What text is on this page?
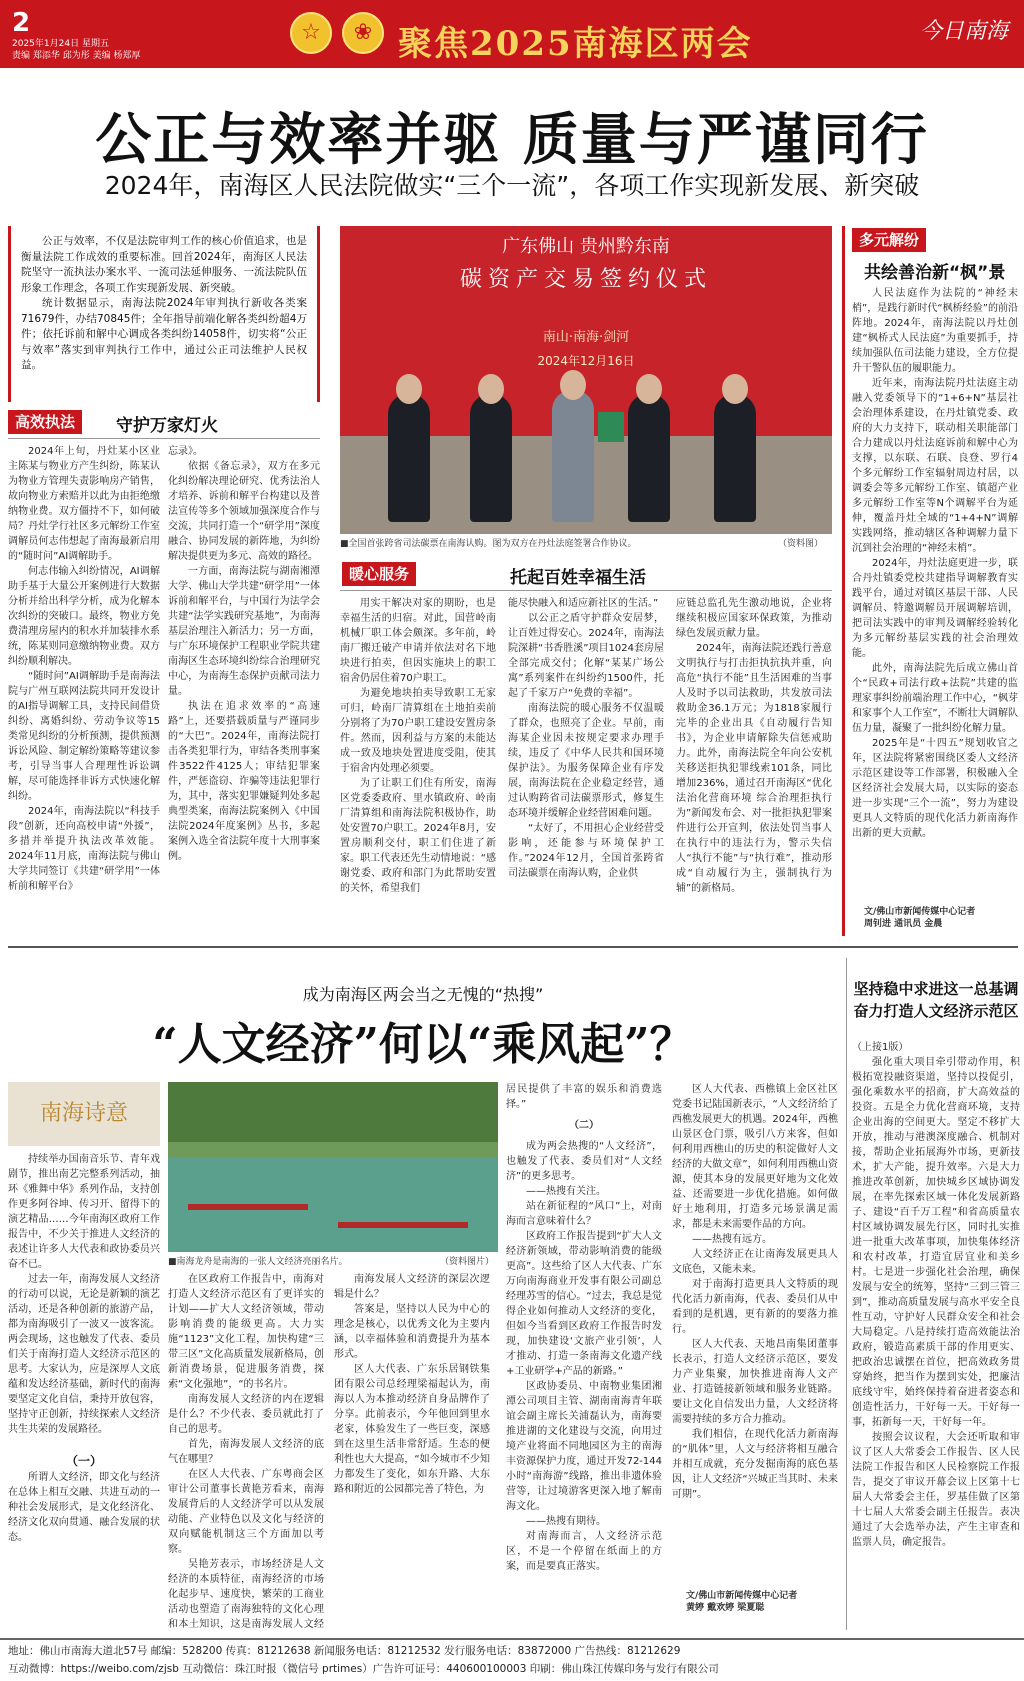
2
2025年1月24日 星期五
责编 郑添华 邱为彤 美编 杨郑厚
☆	❀ 聚焦2025南海区两会	今日南海
公正与效率并驱 质量与严谨同行
2024年，南海区人民法院做实“三个一流”，各项工作实现新发展、新突破

公正与效率，不仅是法院审判工作的核心价值追求，也是衡量法院工作成效的重要标准。回首2024年，南海区人民法院坚守一流执法办案水平、一流司法延伸服务、一流法院队伍形象工作理念，各项工作实现新发展、新突破。

统计数据显示，南海法院2024年审判执行新收各类案71679件，办结70845件；全年指导前端化解各类纠纷超4万件；依托诉前和解中心调成各类纠纷14058件，切实将“公正与效率”落实到审判执行工作中，通过公正司法维护人民权益。

高效执法	守护万家灯火

2024年上旬，丹灶某小区业主陈某与物业方产生纠纷，陈某认为物业方管理失责影响房产销售，故向物业方索赔并以此为由拒绝缴纳物业费。双方僵持不下，如何破局？丹灶学行社区多元解纷工作室调解员何志伟想起了南海最新启用的“随时问”AI调解助手。

何志伟输入纠纷情况，AI调解助手基于大量公开案例进行大数据分析并给出科学分析，成为化解本次纠纷的突破口。最终，物业方免费清理房屋内的积水并加装排水系统，陈某则同意缴纳物业费。双方纠纷顺利解决。

“随时问”AI调解助手是南海法院与广州互联网法院共同开发设计的AI指导调解工具，支持民间借贷纠纷、离婚纠纷、劳动争议等15类常见纠纷的分析预测，提供预测诉讼风险、制定解纷策略等建议参考，引导当事人合理理性诉讼调解，尽可能选择非诉方式快速化解纠纷。

2024年，南海法院以“科技手段”创新，还向高校申请“外援”，多措并举提升执法改革效能。2024年11月底，南海法院与佛山大学共同签订《共建“研学用”一体析前和解平台》

忘录》。

依据《备忘录》，双方在多元化纠纷解决理论研究、优秀法治人才培养、诉前和解平台构建以及普法宣传等多个领域加强深度合作与交流，共同打造一个“研学用”深度融合、协同发展的新阵地，为纠纷解决提供更为多元、高效的路径。

一方面，南海法院与湖南湘潭大学、佛山大学共建“研学用”一体诉前和解平台，与中国行为法学会共建“法学实践研究基地”，为南海基层治理注入新活力；另一方面，与广东环境保护工程职业学院共建南海区生态环境纠纷综合治理研究中心，为南海生态保护贡献司法力量。

执法在追求效率的“高速路”上，还要搭载质量与严谨同步的“大巴”。2024年，南海法院打击各类犯罪行为，审结各类刑事案件3522件4125人；审结犯罪案件，严惩盗窃、诈骗等违法犯罪行为，其中，落实犯罪嫌疑判处多起典型类案，南海法院案例入《中国法院2024年度案例》丛书，多起案例入选全省法院年度十大刑事案例。

广东佛山 贵州黔东南
碳资产交易签约仪式
南山·南海·剑河
2024年12月16日
■全国首张跨省司法碳票在南海认购。图为双方在丹灶法庭签署合作协议。	（资料图）
暖心服务	托起百姓幸福生活

用实干解决对家的期盼，也是幸福生活的归宿。对此，国营岭南机械厂职工体会颇深。多年前，岭南厂搬迁破产申请并依法对名下地块进行拍卖，但因实施块上的职工宿舍仍居住着70户职工。

为避免地块拍卖导致职工无家可归，岭南厂清算组在土地拍卖前分别将了为70户职工建设安置房条件。然而，因利益与方案的未能达成一致及地块处置进度受阻，使其于宿舍内处理必须要。

为了让职工们住有所安，南海区党委委政府、里水镇政府、岭南厂清算组和南海法院积极协作，助处安置70户职工。2024年8月，安置房顺利交付，职工们住进了新家。职工代表还先生动情地说：“感谢党委、政府和部门为此帮助安置的关怀，希望我们

能尽快融入和适应新社区的生活。”

以公正之盾守护群众安居梦，让百姓过得安心。2024年，南海法院深耕“书香胜溪”项目1024套房屋全部完成交付；化解“某某广场公寓”系列案件在纠纷约1500件，托起了千家万户“免费的幸福”。

南海法院的暖心服务不仅温暖了群众，也照亮了企业。早前，南海某企业因未按规定要求办理手续，违反了《中华人民共和国环境保护法》。为服务保障企业有序发展，南海法院在企业稳定经营，通过认购跨省司法碳票形式，修复生态环境并缓解企业经营困难问题。

“太好了，不用担心企业经营受影响，还能参与环境保护工作。”2024年12月，全国首张跨省司法碳票在南海认购，企业供

应链总监孔先生激动地说，企业将继续积极应国家环保政策，为推动绿色发展贡献力量。

2024年，南海法院还践行善意文明执行与打击拒执抗执并重，向高危“执行不能”且生活困难的当事人及时予以司法救助，共发放司法救助金36.1万元；为1818家履行完毕的企业出具《自动履行告知书》，为企业申请解除失信惩戒助力。此外，南海法院全年向公安机关移送拒执犯罪线索101条，同比增加236%，通过召开南海区“优化法治化营商环境 综合治理拒执行为”新闻发布会、对一批拒执犯罪案件进行公开宣判，依法处罚当事人在执行中的违法行为，警示失信人“执行不能”与“执行难”，推动形成“自动履行为主，强制执行为辅”的新格局。

多元解纷
共绘善治新“枫”景

人民法庭作为法院的“神经末梢”，是践行新时代“枫桥经验”的前沿阵地。2024年，南海法院以丹灶创建“枫桥式人民法庭”为重要抓手，持续加强队伍司法能力建设，全方位提升干警队伍的履职能力。

近年来，南海法院丹灶法庭主动融入党委领导下的“1+6+N”基层社会治理体系建设，在丹灶镇党委、政府的大力支持下，联动相关职能部门合力建成以丹灶法庭诉前和解中心为支撑，以东联、石联、良登、罗行4个多元解纷工作室辐射周边村居，以调委会等多元解纷工作室、镇超产业多元解纷工作室等N个调解平台为延伸，覆盖丹灶全域的“1+4+N”调解实践网络，推动辖区各种调解力量下沉到社会治理的“神经末梢”。

2024年，丹灶法庭更进一步，联合丹灶镇委党校共建指导调解教育实践平台，通过对镇区基层干部、人民调解员、特邀调解员开展调解培训，把司法实践中的审判及调解经验转化为多元解纷基层实践的社会治理效能。

此外，南海法院先后成立佛山首个“民政+司法行政+法院”共建的监理家事纠纷前端治理工作中心，“枫芽和家事个人工作室”，不断壮大调解队伍力量，凝聚了一批纠纷化解力量。

2025年是“十四五”规划收官之年，区法院将紧密围绕区委人文经济示范区建设等工作部署，积极融入全区经济社会发展大局，以实际的姿态进一步实现“三个一流”，努力为建设更具人文特质的现代化活力新南海作出新的更大贡献。

文/佛山市新闻传媒中心记者
周钊进 通讯员 金晨
成为南海区两会当之无愧的“热搜”
“人文经济”何以“乘风起”？
南海诗意

持续举办国南音乐节、青年戏剧节，推出南艺完整系列活动，抽环《雅舞中华》系列作品，支持创作更多阿谷坤、传习开、留得下的演艺精品……今年南海区政府工作报告中，不少关于推进人文经济的表述让许多人大代表和政协委员兴奋不已。

过去一年，南海发展人文经济的行动可以说，无论是新颖的演艺活动，还是各种创新的旅游产品，都为南海吸引了一波又一波客流。两会现场，这也触发了代表、委员们关于南海打造人文经济示范区的思考。大家认为，应是深厚人文底蕴和发达经济基础，新时代的南海要坚定文化自信，秉持开放包容，坚持守正创新，持续探索人文经济共生共荣的发展路径。

（一）

所谓人文经济，即文化与经济在总体上相互交融、共进互动的一种社会发展形式，是文化经济化、经济文化双向贯通、融合发展的状态。

■南海龙舟是南海的一张人文经济亮丽名片。	（资料图片）

在区政府工作报告中，南海对打造人文经济示范区有了更详实的计划——扩大人文经济领域，带动影响消费的能级更高。大力实施“1123”文化工程，加快构建“三带三区”文化高质量发展新格局，创新消费场景，促进服务消费，探索“文化强地”，“的书名片。

南海发展人文经济的内在逻辑是什么？不少代表、委员就此打了自己的思考。

首先，南海发展人文经济的底气在哪里？

在区人大代表、广东粤商会区审计公司董事长黄艳芳看来，南海发展背后的人文经济学可以从发展动能、产业特色以及文化与经济的双向赋能机制这三个方面加以考察。

吴艳芳表示，市场经济是人文经济的本质特征，南海经济的市场化起步早、速度快，繁荣的工商业活动也塑造了南海独特的文化心理和本土知识，这是南海发展人文经

南海发展人文经济的深层次逻辑是什么？

答案是，坚持以人民为中心的理念是核心，以优秀文化为主要内涵，以幸福体验和消费提升为基本形式。

区人大代表、广东乐居钢铁集团有限公司总经理梁福起认为，南海以人为本推动经济自身品牌作了分享。此前表示，今年他回到里水老家，体验发生了一些巨变，深感到在这里生活非常舒适。生态的便利性也大大提高，“如今城市不少知力都发生了变化，如东升路、大东路和附近的公园都完善了特色，为

居民提供了丰富的娱乐和消费选择。”

（二）

成为两会热搜的“人文经济”，也触发了代表、委员们对“人文经济”的更多思考。

——热搜有关注。

站在新征程的“风口”上，对南海而言意味着什么？

区政府工作报告提到“扩大人文经济新领域，带动影响消费的能级更高”。这些给了区人大代表、广东万向南海商业开发事有限公司副总经理苏雪的信心。“过去，我总是觉得企业如何推动人文经济的变化，但如今当看到区政府工作报告时发现，加快建设‘文旅产业引领’，人才推动、打造一条南海文化遗产线+工业研学+产品的新路。”

区政协委员、中南物业集团湘潭公司项目主管、湖南南海青年联谊会副主席长关浦磊认为，南海要推进湖的文化建设与交流，向用过境产业将面不同地园区为主的南海丰资源保护力度，通过开发72-144小时“南海游”线路，推出非遗体验营等，让过境游客更深入地了解南海文化。

——热搜有期待。

对南海而言，人文经济示范区，不是一个停留在纸面上的方案，而是要真正落实。

区人大代表、西樵镇上金区社区党委书记陆国新表示，“人文经济给了西樵发展更大的机遇。2024年，西樵山景区仓门票，吸引八方来客，但如何利用西樵山的历史的积淀做好人文经济的大做文章”，如何利用西樵山资源，使其本身的发展更好地为文化效益、还需要进一步优化措施。如何做好土地利用，打造多元场景满足需求，都是未来需要作品的方向。

——热搜有远方。

人文经济正在让南海发展更具人文底色，又能未来。

对于南海打造更具人文特质的现代化活力新南海，代表、委员们从中看到的是机遇，更有新的的要落力推行。

区人大代表、天地昌南集团董事长表示，打造人文经济示范区，要发力产业集聚，加快推进南海人文产业、打造链接新领域和服务业链路。要让文化自信发出力量，人文经济将需要持续的多方合力推动。

我们相信，在现代化活力新南海的“肌体”里，人文与经济将相互融合并相互成就，充分发掘南海的底色基因，让人文经济“兴城正当其时、未来可期”。

文/佛山市新闻传媒中心记者
黄婷 戴欢婷 梁夏聪
坚持稳中求进这一总基调
奋力打造人文经济示范区
（上接1版）

强化重大项目牵引带动作用，积极拓宽投融资渠道，坚持以投促引，强化乘数水平的招商，扩大高效益的投资。五是全力优化营商环境，支持企业出海的空间更大。坚定不移扩大开放，推动与港澳深度融合、机制对接，帮助企业拓展海外市场，更新技术，扩大产能，提升效率。六是大力推进改革创新，加快城乡区域协调发展，在率先探索区域一体化发展新路子、建设“百千万工程”和省高质量农村区域协调发展先行区，同时扎实推进一批重大改革事项，加快集体经济和农村改革，打造宜居宜业和美乡村。七是进一步强化社会治理，确保发展与安全的统筹，坚持“三到三管三到”，推动高质量发展与高水平安全良性互动，守护好人民群众安全和社会大局稳定。八是持续打造高效能法治政府，锻造高素质干部的作用更实、把政治忠诚摆在首位，把高效政务贯穿始终，把当作为摆到实处，把廉洁底线守牢，始终保持着奋进者姿态和创造性活力，干好每一天。干好每一事，拓新每一天，干好每一年。

按照会议议程，大会还听取和审议了区人大常委会工作报告、区人民法院工作报告和区人民检察院工作报告，提交了审议开幕会议上区第十七届人大常委会主任，罗基佳做了区第十七届人大常委会副主任报告。表决通过了大会选举办法，产生主审查和监票人员，确定报告。

地址：佛山市南海大道北57号 邮编：528200 传真：81212638 新闻服务电话：81212532 发行服务电话：83872000 广告热线：81212629
互动微博：https://weibo.com/zjsb 互动微信：珠江时报（微信号 prtimes）广告许可证号：440600100003 印刷：佛山珠江传媒印务与发行有限公司
